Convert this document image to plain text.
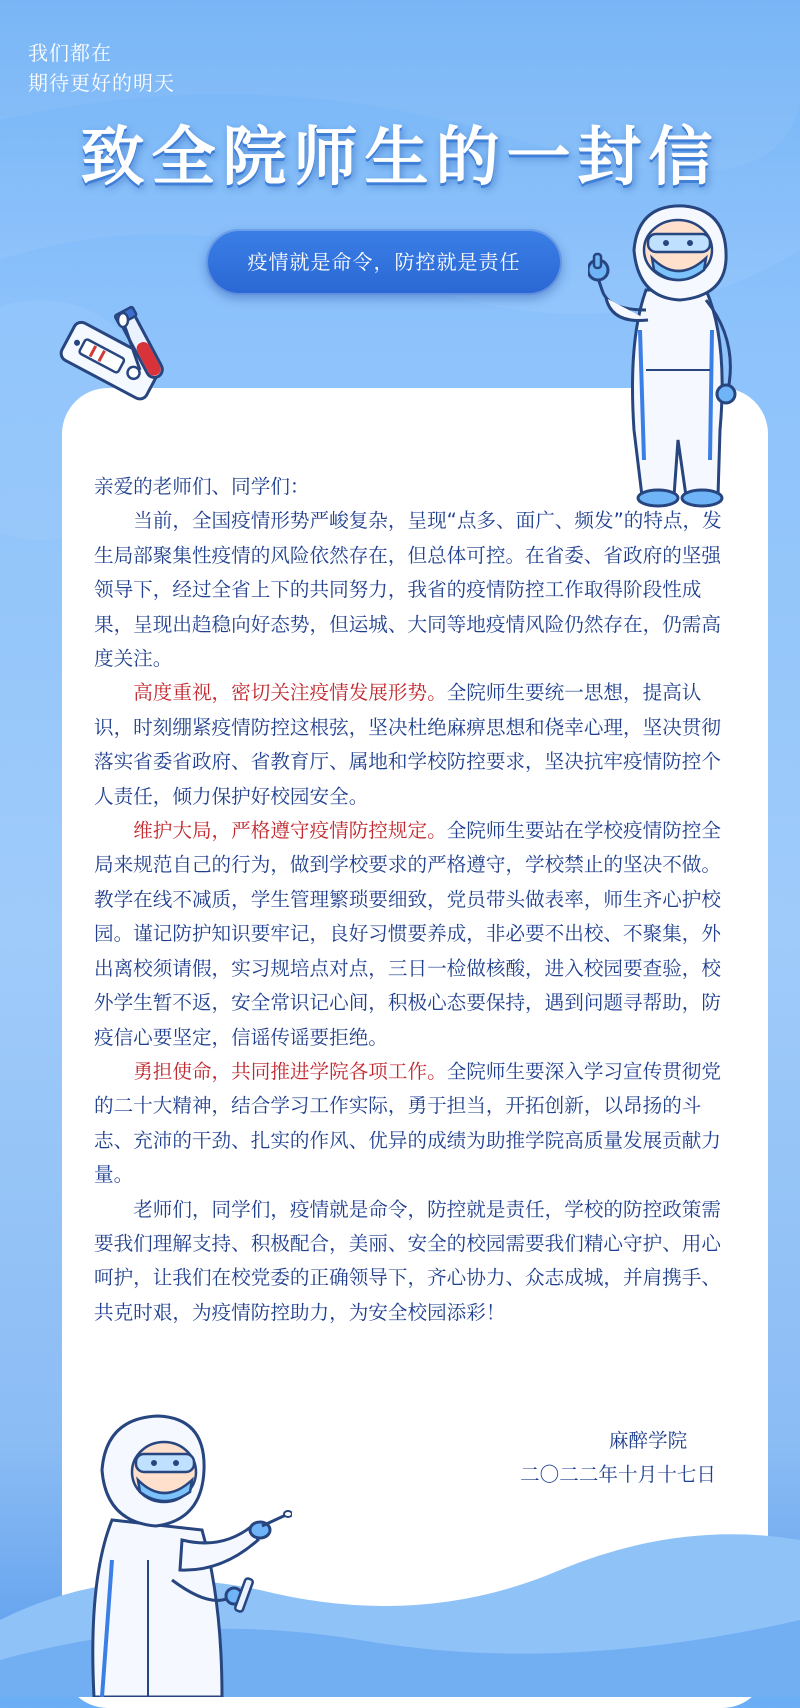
我们都在
期待更好的明天
致全院师生的一封信
疫情就是命令，防控就是责任

亲爱的老师们、同学们：

当前，全国疫情形势严峻复杂，呈现“点多、面广、频发”的特点，发生局部聚集性疫情的风险依然存在，但总体可控。在省委、省政府的坚强领导下，经过全省上下的共同努力，我省的疫情防控工作取得阶段性成果，呈现出趋稳向好态势，但运城、大同等地疫情风险仍然存在，仍需高度关注。

高度重视，密切关注疫情发展形势。全院师生要统一思想，提高认识，时刻绷紧疫情防控这根弦，坚决杜绝麻痹思想和侥幸心理，坚决贯彻落实省委省政府、省教育厅、属地和学校防控要求，坚决抗牢疫情防控个人责任，倾力保护好校园安全。

维护大局，严格遵守疫情防控规定。全院师生要站在学校疫情防控全局来规范自己的行为，做到学校要求的严格遵守，学校禁止的坚决不做。教学在线不减质，学生管理繁琐要细致，党员带头做表率，师生齐心护校园。谨记防护知识要牢记，良好习惯要养成，非必要不出校、不聚集，外出离校须请假，实习规培点对点，三日一检做核酸，进入校园要查验，校外学生暂不返，安全常识记心间，积极心态要保持，遇到问题寻帮助，防疫信心要坚定，信谣传谣要拒绝。

勇担使命，共同推进学院各项工作。全院师生要深入学习宣传贯彻党的二十大精神，结合学习工作实际，勇于担当，开拓创新，以昂扬的斗志、充沛的干劲、扎实的作风、优异的成绩为助推学院高质量发展贡献力量。

老师们，同学们，疫情就是命令，防控就是责任，学校的防控政策需要我们理解支持、积极配合，美丽、安全的校园需要我们精心守护、用心呵护，让我们在校党委的正确领导下，齐心协力、众志成城，并肩携手、共克时艰，为疫情防控助力，为安全校园添彩！

麻醉学院
二〇二二年十月十七日
